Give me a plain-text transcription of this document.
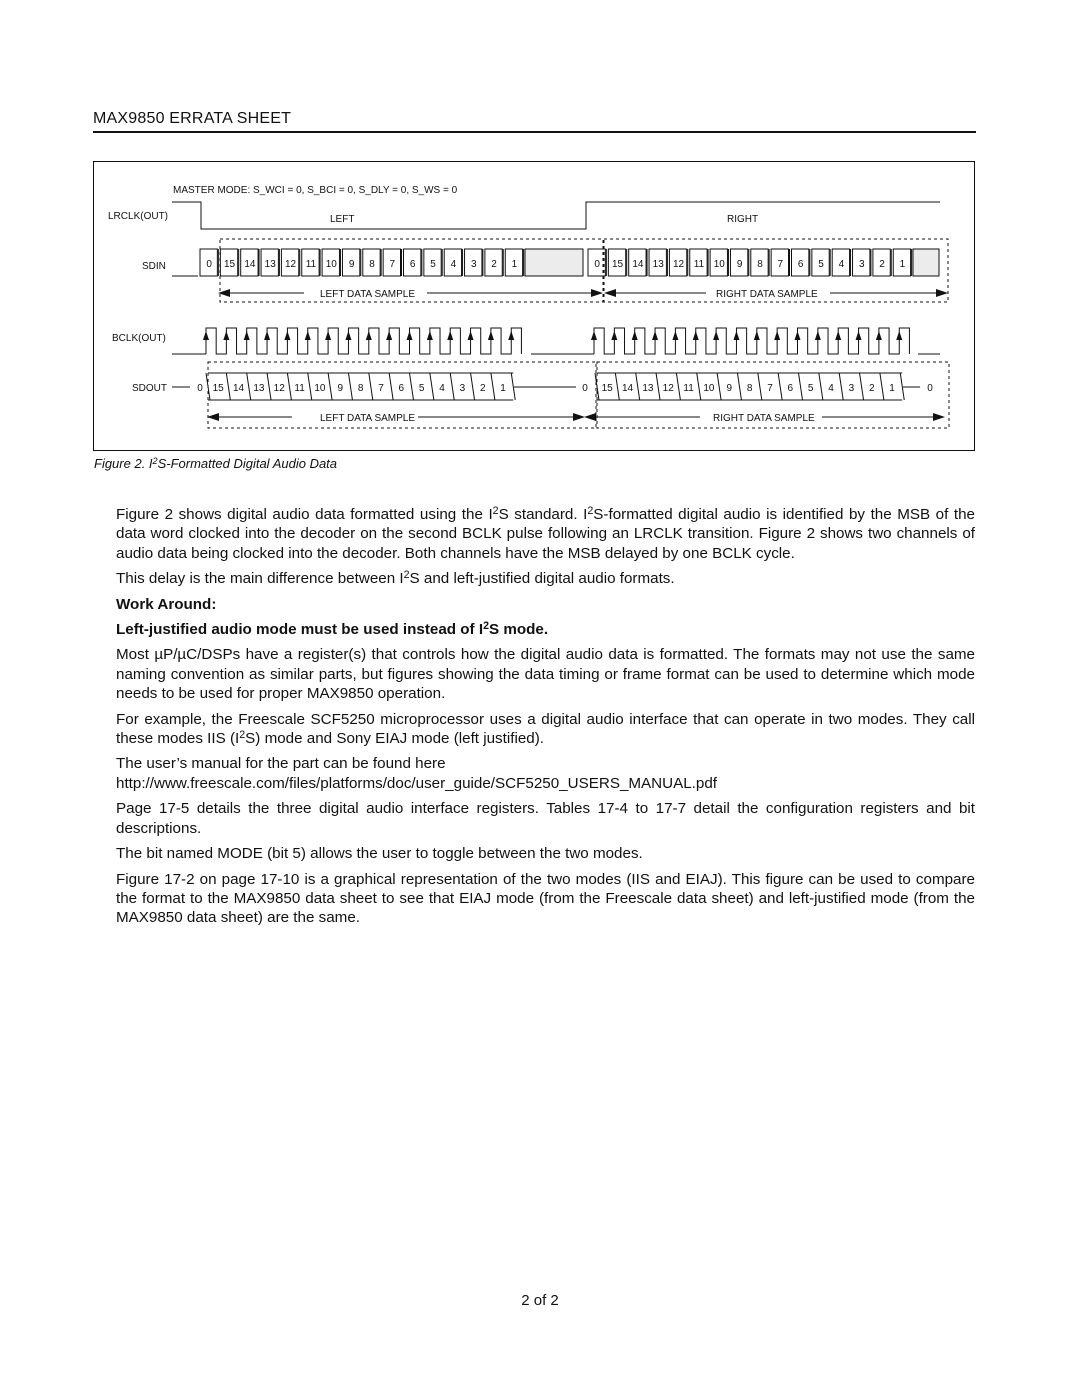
MAX9850 ERRATA SHEET
MASTER MODE: S_WCI = 0, S_BCI = 0, S_DLY = 0, S_WS = 0
LRCLK(OUT)
SDIN
BCLK(OUT)
SDOUT
LEFT	RIGHT
0 15 14 13 12 11 10 9 8 7 6 5 4 3 2 1	0 15 14 13 12 11 10 9 8 7 6 5 4 3 2 1
LEFT DATA SAMPLE	RIGHT DATA SAMPLE
0 15 14 13 12 11 10 9 8 7 6 5 4 3 2 1	0 15 14 13 12 11 10 9 8 7 6 5 4 3 2 1	0
LEFT DATA SAMPLE	RIGHT DATA SAMPLE
Figure 2. $I^2S$-Formatted Digital Audio Data

Figure 2 shows digital audio data formatted using the $I^2S$ standard. $I^2S$-formatted digital audio is identified by the MSB of the data word clocked into the decoder on the second BCLK pulse following an LRCLK transition. Figure 2 shows two channels of audio data being clocked into the decoder. Both channels have the MSB delayed by one BCLK cycle.

This delay is the main difference between $I^2S$ and left-justified digital audio formats.

Work Around:

Left-justified audio mode must be used instead of $I^2S$ mode.

Most µP/µC/DSPs have a register(s) that controls how the digital audio data is formatted. The formats may not use the same naming convention as similar parts, but figures showing the data timing or frame format can be used to determine which mode needs to be used for proper MAX9850 operation.

For example, the Freescale SCF5250 microprocessor uses a digital audio interface that can operate in two modes. They call these modes IIS $(I^2S)$ mode and Sony EIAJ mode (left justified).

The user’s manual for the part can be found here
http://www.freescale.com/files/platforms/doc/user_guide/SCF5250_USERS_MANUAL.pdf

Page 17-5 details the three digital audio interface registers. Tables 17-4 to 17-7 detail the configuration registers and bit descriptions.

The bit named MODE (bit 5) allows the user to toggle between the two modes.

Figure 17-2 on page 17-10 is a graphical representation of the two modes (IIS and EIAJ). This figure can be used to compare the format to the MAX9850 data sheet to see that EIAJ mode (from the Freescale data sheet) and left-justified mode (from the MAX9850 data sheet) are the same.

2 of 2
